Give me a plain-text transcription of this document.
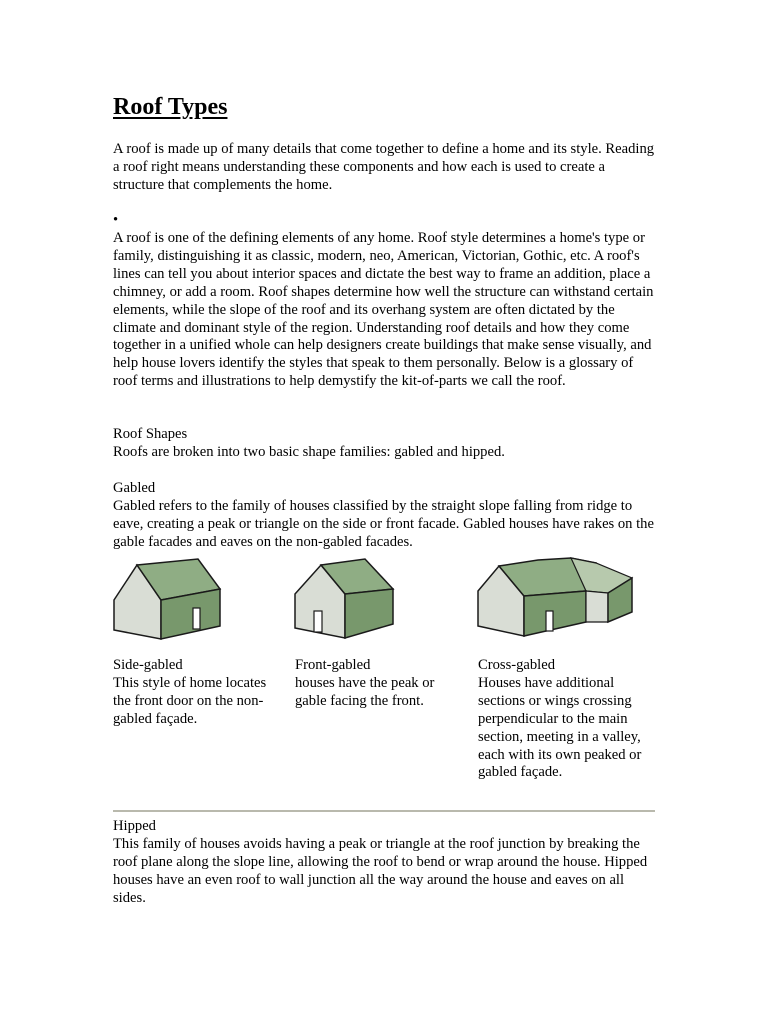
Roof Types

A roof is made up of many details that come together to define a home and its style. Reading a roof right means understanding these components and how each is used to create a structure that complements the home.

•

A roof is one of the defining elements of any home. Roof style determines a home's type or family, distinguishing it as classic, modern, neo, American, Victorian, Gothic, etc. A roof's lines can tell you about interior spaces and dictate the best way to frame an addition, place a chimney, or add a room. Roof shapes determine how well the structure can withstand certain elements, while the slope of the roof and its overhang system are often dictated by the climate and dominant style of the region. Understanding roof details and how they come together in a unified whole can help designers create buildings that make sense visually, and help house lovers identify the styles that speak to them personally. Below is a glossary of roof terms and illustrations to help demystify the kit-of-parts we call the roof.

Roof Shapes

Roofs are broken into two basic shape families: gabled and hipped.

Gabled

Gabled refers to the family of houses classified by the straight slope falling from ridge to eave, creating a peak or triangle on the side or front facade. Gabled houses have rakes on the gable facades and eaves on the non-gabled facades.

Side-gabled

This style of home locates the front door on the non-gabled façade.

Front-gabled

houses have the peak or gable facing the front.

Cross-gabled

Houses have additional sections or wings crossing perpendicular to the main section, meeting in a valley, each with its own peaked or gabled façade.

Hipped

This family of houses avoids having a peak or triangle at the roof junction by breaking the roof plane along the slope line, allowing the roof to bend or wrap around the house. Hipped houses have an even roof to wall junction all the way around the house and eaves on all sides.
